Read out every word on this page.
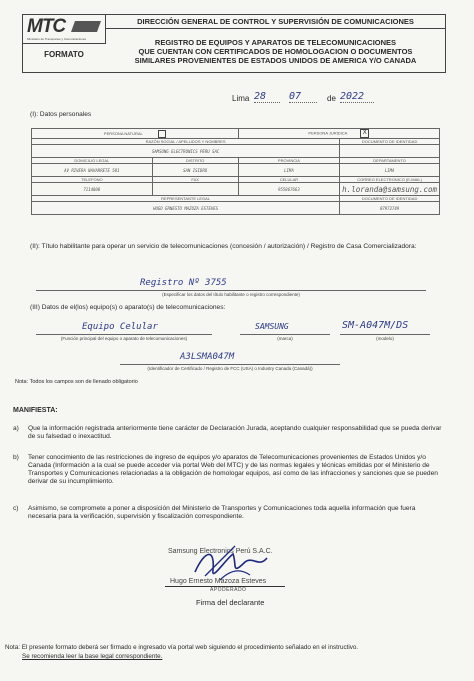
MTC
Ministerio de Transportes y Comunicaciones
FORMATO
DIRECCIÓN GENERAL DE CONTROL Y SUPERVISIÓN DE COMUNICACIONES
REGISTRO DE EQUIPOS Y APARATOS DE TELECOMUNICACIONES
QUE CUENTAN CON CERTIFICADOS DE HOMOLOGACION O DOCUMENTOS
SIMILARES PROVENIENTES DE ESTADOS UNIDOS DE AMERICA Y/O CANADA
Lima 28	07	de 2022
(I): Datos personales
PERSONA NATURAL		PERSONA JURIDICA X	
RAZÓN SOCIAL / APELLIDOS Y NOMBRES			DOCUMENTO DE IDENTIDAD
SAMSUNG ELECTRONICS PERU SAC			
DOMICILIO LEGAL	DISTRITO	PROVINCIA	DEPARTAMENTO
AV RIVERA NAVARRETE 501	SAN ISIDRO	LIMA	LIMA
TELEFONO	FAX	CELULAR	CORREO ELECTRONICO (E-MAIL)
7114800		955867663	h.loranda@samsung.com
REPRESENTANTE LEGAL			DOCUMENTO DE IDENTIDAD
HUGO ERNESTO MAZOZA ESTEVES			07972749
(II): Título habilitante para operar un servicio de telecomunicaciones (concesión / autorización) / Registro de Casa Comercializadora:
Registro Nº 3755
(Especificar los datos del título habilitante o registro correspondiente)
(III) Datos de el(los) equipo(s) o aparato(s) de telecomunicaciones:
Equipo Celular
(Función principal del equipo o aparato de telecomunicaciones)
SAMSUNG
(marca)
SM-A047M/DS
(modelo)
A3LSMA047M
(Identificador de Certificado / Registro de FCC (USA) o Industry Canada (Canadá))
Nota: Todos los campos son de llenado obligatorio
MANIFIESTA:
a) Que la información registrada anteriormente tiene carácter de Declaración Jurada, aceptando cualquier responsabilidad que se pueda derivar de su falsedad o inexactitud.
b) Tener conocimiento de las restricciones de ingreso de equipos y/o aparatos de Telecomunicaciones provenientes de Estados Unidos y/o Canada (Información a la cual se puede acceder vía portal Web del MTC) y de las normas legales y técnicas emitidas por el Ministerio de Transportes y Comunicaciones relacionadas a la obligación de homologar equipos, así como de las infracciones y sanciones que se pueden derivar de su incumplimiento.
c) Asimismo, se compromete a poner a disposición del Ministerio de Transportes y Comunicaciones toda aquella información que fuera necesaria para la verificación, supervisión y fiscalización correspondiente.
Samsung Electronics Perú S.A.C.
Hugo Ernesto Mazoza Esteves
APODERADO
Firma del declarante
Nota: El presente formato deberá ser firmado e ingresado vía portal web siguiendo el procedimiento señalado en el instructivo.
Se recomienda leer la base legal correspondiente.
